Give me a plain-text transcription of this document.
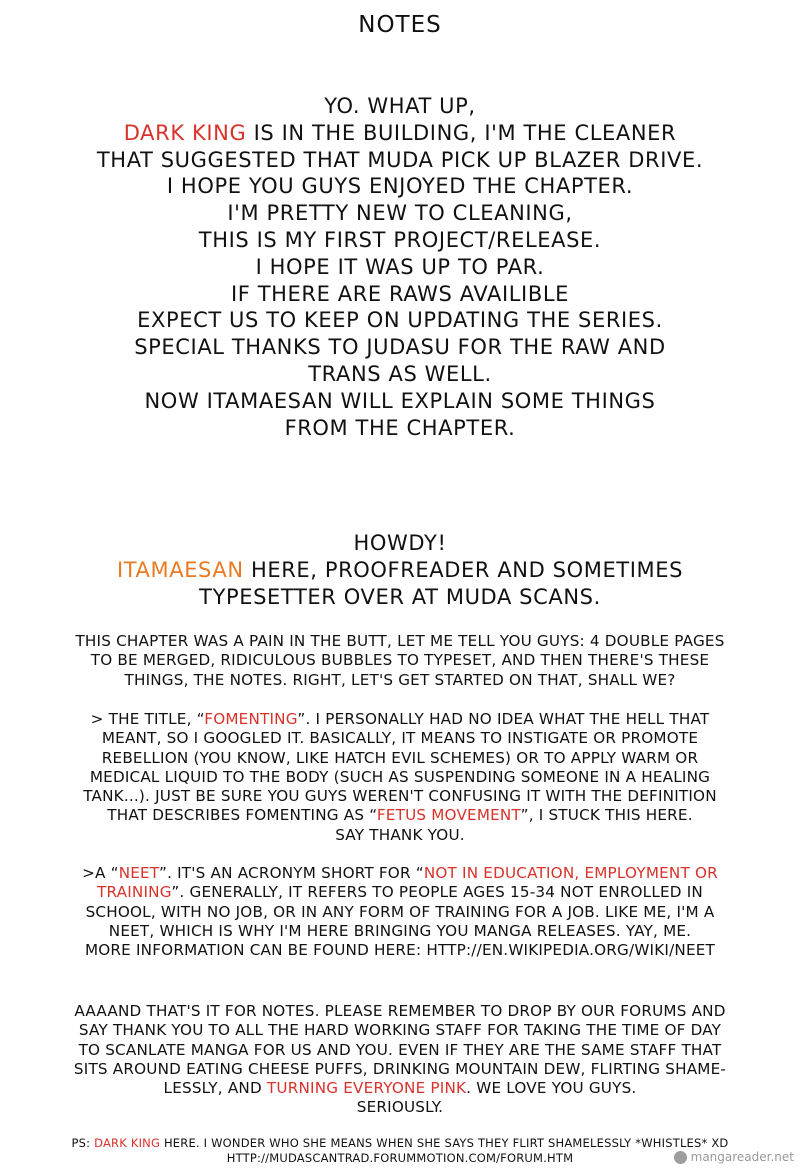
NOTES
YO. WHAT UP,
DARK KING IS IN THE BUILDING, I'M THE CLEANER
THAT SUGGESTED THAT MUDA PICK UP BLAZER DRIVE.
I HOPE YOU GUYS ENJOYED THE CHAPTER.
I'M PRETTY NEW TO CLEANING,
THIS IS MY FIRST PROJECT/RELEASE.
I HOPE IT WAS UP TO PAR.
IF THERE ARE RAWS AVAILIBLE
EXPECT US TO KEEP ON UPDATING THE SERIES.
SPECIAL THANKS TO JUDASU FOR THE RAW AND
TRANS AS WELL.
NOW ITAMAESAN WILL EXPLAIN SOME THINGS
FROM THE CHAPTER.
HOWDY!
ITAMAESAN HERE, PROOFREADER AND SOMETIMES
TYPESETTER OVER AT MUDA SCANS.
THIS CHAPTER WAS A PAIN IN THE BUTT, LET ME TELL YOU GUYS: 4 DOUBLE PAGES
TO BE MERGED, RIDICULOUS BUBBLES TO TYPESET, AND THEN THERE'S THESE
THINGS, THE NOTES. RIGHT, LET'S GET STARTED ON THAT, SHALL WE?
> THE TITLE, “FOMENTING”. I PERSONALLY HAD NO IDEA WHAT THE HELL THAT
MEANT, SO I GOOGLED IT. BASICALLY, IT MEANS TO INSTIGATE OR PROMOTE
REBELLION (YOU KNOW, LIKE HATCH EVIL SCHEMES) OR TO APPLY WARM OR
MEDICAL LIQUID TO THE BODY (SUCH AS SUSPENDING SOMEONE IN A HEALING
TANK...). JUST BE SURE YOU GUYS WEREN'T CONFUSING IT WITH THE DEFINITION
THAT DESCRIBES FOMENTING AS “FETUS MOVEMENT”, I STUCK THIS HERE.
SAY THANK YOU.
>A “NEET”. IT'S AN ACRONYM SHORT FOR “NOT IN EDUCATION, EMPLOYMENT OR
TRAINING”. GENERALLY, IT REFERS TO PEOPLE AGES 15-34 NOT ENROLLED IN
SCHOOL, WITH NO JOB, OR IN ANY FORM OF TRAINING FOR A JOB. LIKE ME, I'M A
NEET, WHICH IS WHY I'M HERE BRINGING YOU MANGA RELEASES. YAY, ME.
MORE INFORMATION CAN BE FOUND HERE: HTTP://EN.WIKIPEDIA.ORG/WIKI/NEET
AAAAND THAT'S IT FOR NOTES. PLEASE REMEMBER TO DROP BY OUR FORUMS AND
SAY THANK YOU TO ALL THE HARD WORKING STAFF FOR TAKING THE TIME OF DAY
TO SCANLATE MANGA FOR US AND YOU. EVEN IF THEY ARE THE SAME STAFF THAT
SITS AROUND EATING CHEESE PUFFS, DRINKING MOUNTAIN DEW, FLIRTING SHAME-
LESSLY, AND TURNING EVERYONE PINK. WE LOVE YOU GUYS.
SERIOUSLY.
PS: DARK KING HERE. I WONDER WHO SHE MEANS WHEN SHE SAYS THEY FLIRT SHAMELESSLY *WHISTLES* XD
HTTP://MUDASCANTRAD.FORUMMOTION.COM/FORUM.HTM	mangareader.net
